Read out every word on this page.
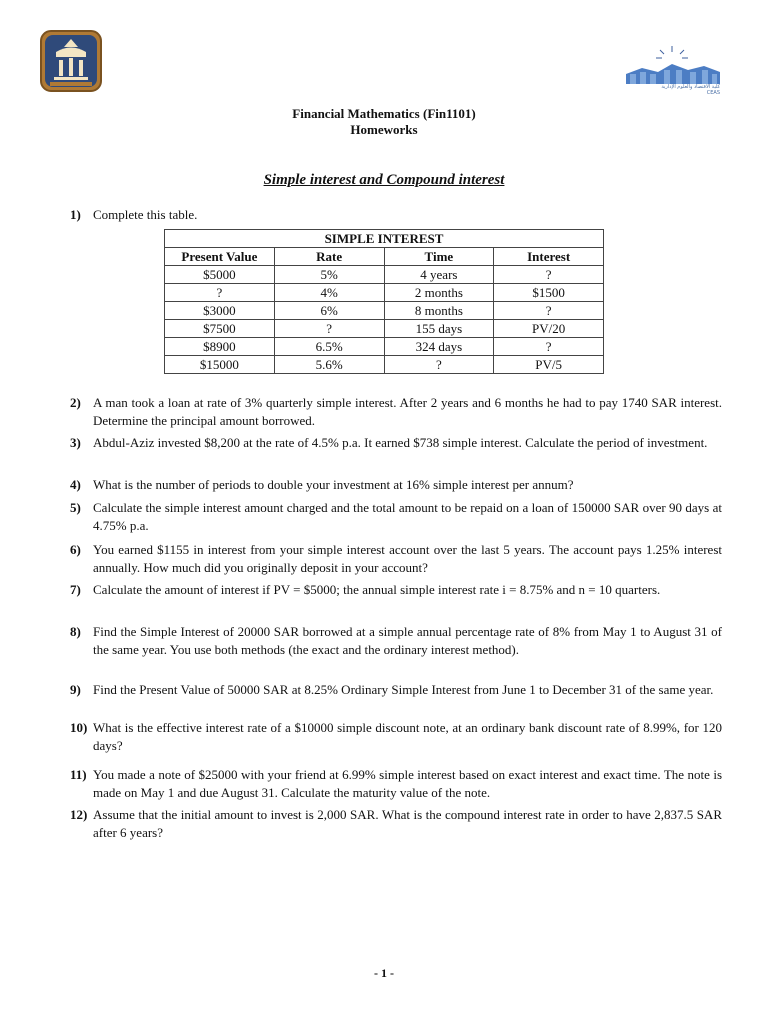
كلية الاقتصاد والعلوم الإدارية CEAS
Financial Mathematics (Fin1101)
Homeworks
Simple interest and Compound interest
1) Complete this table.
SIMPLE INTEREST			
Present Value	Rate	Time	Interest
$5000	5%	4 years	?
?	4%	2 months	$1500
$3000	6%	8 months	?
$7500	?	155 days	PV/20
$8900	6.5%	324 days	?
$15000	5.6%	?	PV/5
2) A man took a loan at rate of 3% quarterly simple interest. After 2 years and 6 months he had to pay 1740 SAR interest. Determine the principal amount borrowed.
3) Abdul-Aziz invested $8,200 at the rate of 4.5% p.a. It earned $738 simple interest. Calculate the period of investment.
4) What is the number of periods to double your investment at 16% simple interest per annum?
5) Calculate the simple interest amount charged and the total amount to be repaid on a loan of 150000 SAR over 90 days at 4.75% p.a.
6) You earned $1155 in interest from your simple interest account over the last 5 years. The account pays 1.25% interest annually. How much did you originally deposit in your account?
7) Calculate the amount of interest if PV = $5000; the annual simple interest rate i = 8.75% and n = 10 quarters.
8) Find the Simple Interest of 20000 SAR borrowed at a simple annual percentage rate of 8% from May 1 to August 31 of the same year. You use both methods (the exact and the ordinary interest method).
9) Find the Present Value of 50000 SAR at 8.25% Ordinary Simple Interest from June 1 to December 31 of the same year.
10) What is the effective interest rate of a $10000 simple discount note, at an ordinary bank discount rate of 8.99%, for 120 days?
11) You made a note of $25000 with your friend at 6.99% simple interest based on exact interest and exact time. The note is made on May 1 and due August 31. Calculate the maturity value of the note.
12) Assume that the initial amount to invest is 2,000 SAR. What is the compound interest rate in order to have 2,837.5 SAR after 6 years?
- 1 -
